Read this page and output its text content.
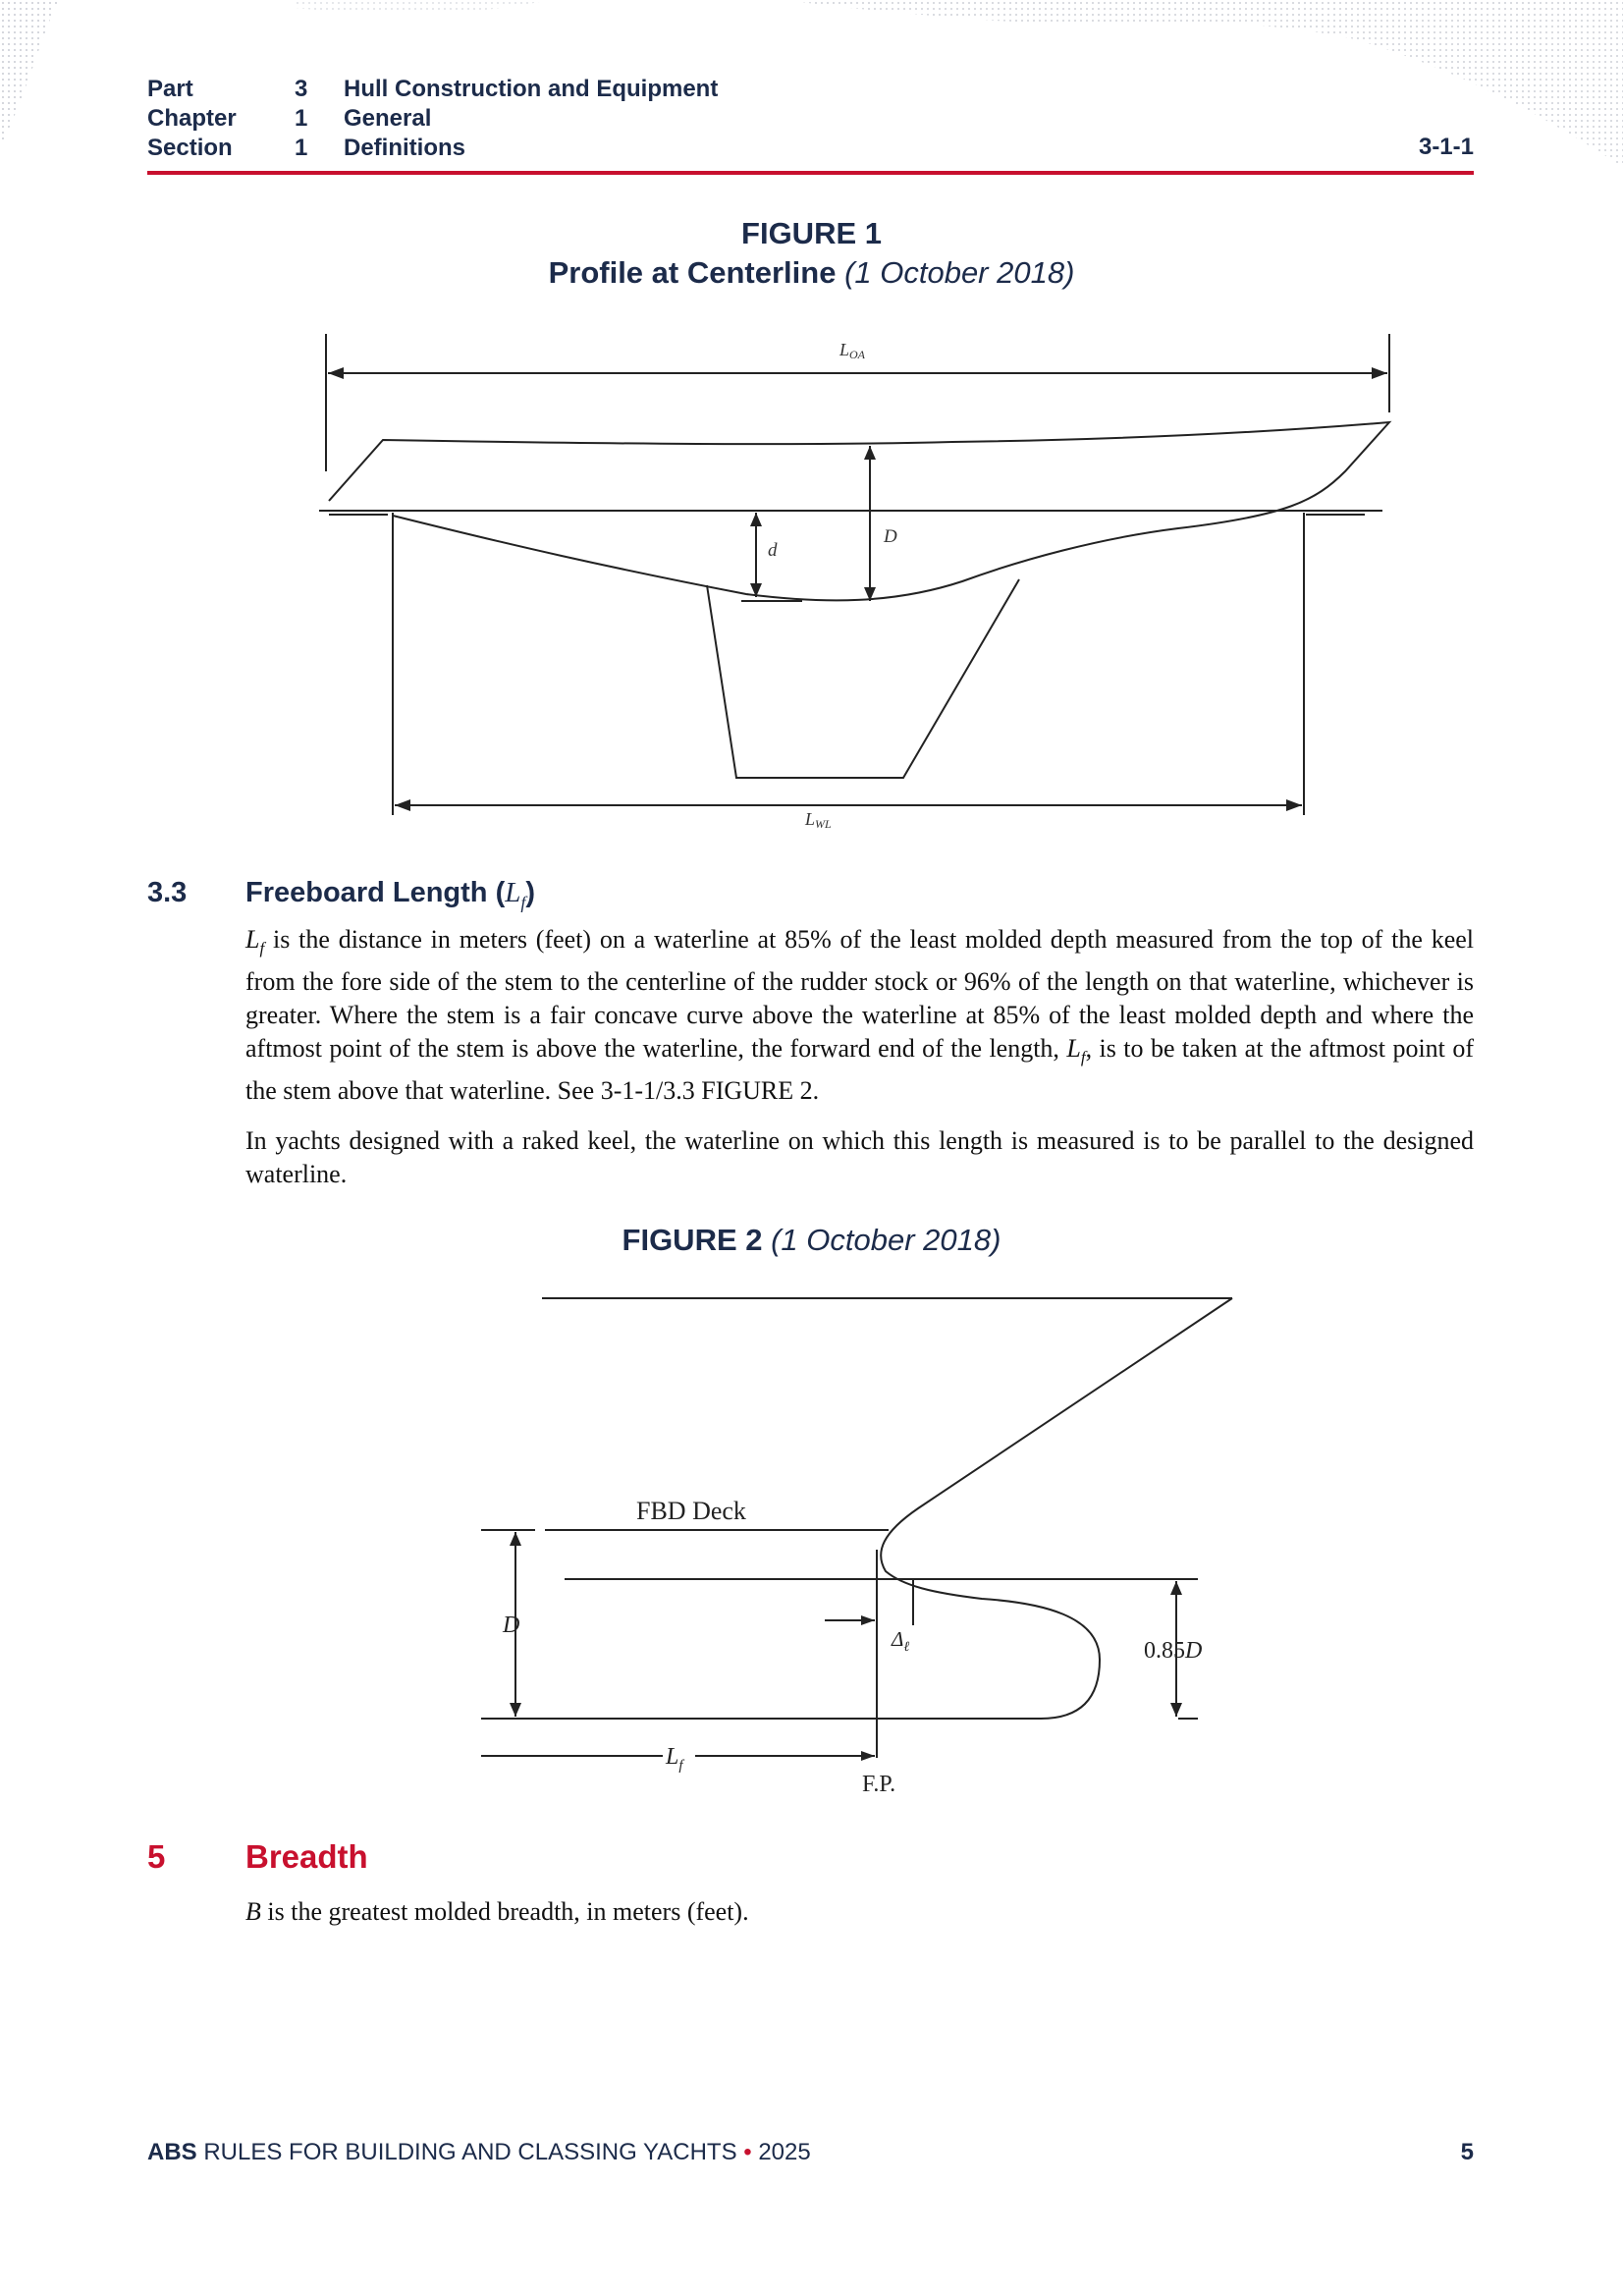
Part	3	Hull Construction and Equipment
Chapter	1	General
Section	1	Definitions	3-1-1
FIGURE 1
Profile at Centerline (1 October 2018)
LOA
d
D
LWL
3.3 Freeboard Length $(L_f)$
$L_f$ is the distance in meters (feet) on a waterline at 85% of the least molded depth measured from the top of the keel from the fore side of the stem to the centerline of the rudder stock or 96% of the length on that waterline, whichever is greater. Where the stem is a fair concave curve above the waterline at 85% of the least molded depth and where the aftmost point of the stem is above the waterline, the forward end of the length, $L_f$, is to be taken at the aftmost point of the stem above that waterline. See 3-1-1/3.3 FIGURE 2.
In yachts designed with a raked keel, the waterline on which this length is measured is to be parallel to the designed waterline.
FIGURE 2 (1 October 2018)
FBD Deck
D
$\Delta_\ell$	0.85D
$L_f$
F.P.
5 Breadth
B is the greatest molded breadth, in meters (feet).
ABS RULES FOR BUILDING AND CLASSING YACHTS • 2025	5
